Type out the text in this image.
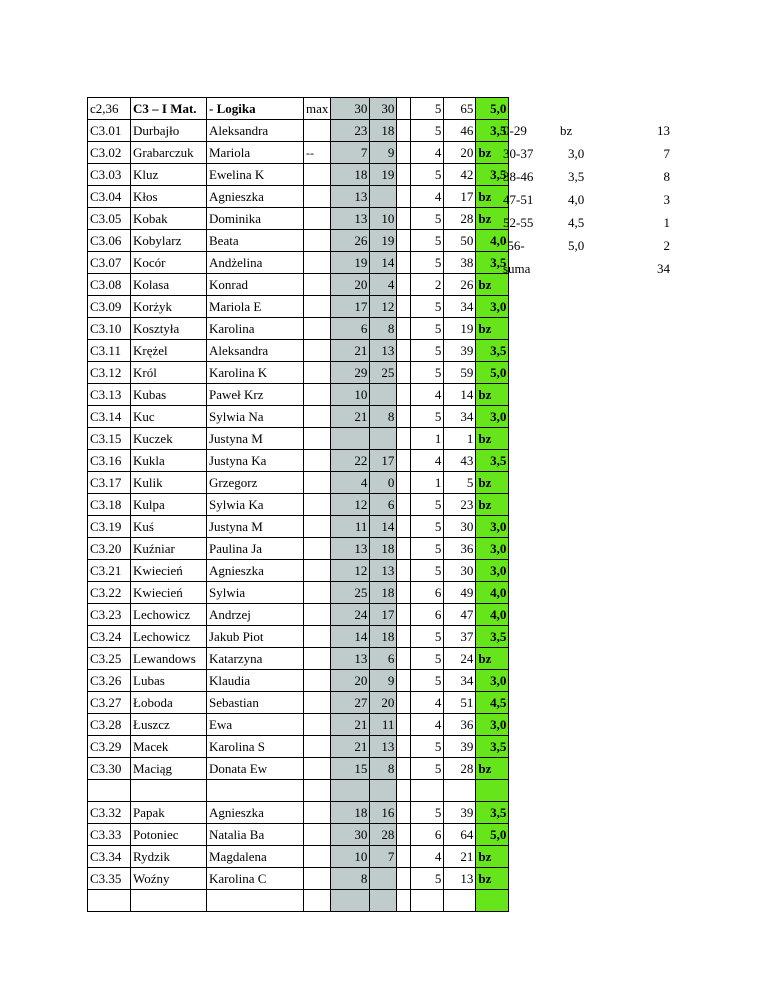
c2,36	C3 – I Mat.	- Logika	max	30	30		5	65	5,0
C3.01	Durbajło	Aleksandra		23	18		5	46	3,5
C3.02	Grabarczuk	Mariola	--	7	9		4	20	bz
C3.03	Kluz	Ewelina K		18	19		5	42	3,5
C3.04	Kłos	Agnieszka		13			4	17	bz
C3.05	Kobak	Dominika		13	10		5	28	bz
C3.06	Kobylarz	Beata		26	19		5	50	4,0
C3.07	Kocór	Andżelina		19	14		5	38	3,5
C3.08	Kolasa	Konrad		20	4		2	26	bz
C3.09	Korżyk	Mariola E		17	12		5	34	3,0
C3.10	Kosztyła	Karolina		6	8		5	19	bz
C3.11	Krężel	Aleksandra		21	13		5	39	3,5
C3.12	Król	Karolina K		29	25		5	59	5,0
C3.13	Kubas	Paweł Krz		10			4	14	bz
C3.14	Kuc	Sylwia Na		21	8		5	34	3,0
C3.15	Kuczek	Justyna M					1	1	bz
C3.16	Kukla	Justyna Ka		22	17		4	43	3,5
C3.17	Kulik	Grzegorz		4	0		1	5	bz
C3.18	Kulpa	Sylwia Ka		12	6		5	23	bz
C3.19	Kuś	Justyna M		11	14		5	30	3,0
C3.20	Kuźniar	Paulina Ja		13	18		5	36	3,0
C3.21	Kwiecień	Agnieszka		12	13		5	30	3,0
C3.22	Kwiecień	Sylwia		25	18		6	49	4,0
C3.23	Lechowicz	Andrzej		24	17		6	47	4,0
C3.24	Lechowicz	Jakub Piot		14	18		5	37	3,5
C3.25	Lewandows	Katarzyna		13	6		5	24	bz
C3.26	Lubas	Klaudia		20	9		5	34	3,0
C3.27	Łoboda	Sebastian		27	20		4	51	4,5
C3.28	Łuszcz	Ewa		21	11		4	36	3,0
C3.29	Macek	Karolina S		21	13		5	39	3,5
C3.30	Maciąg	Donata Ew		15	8		5	28	bz

C3.32	Papak	Agnieszka		18	16		5	39	3,5
C3.33	Potoniec	Natalia Ba		30	28		6	64	5,0
C3.34	Rydzik	Magdalena		10	7		4	21	bz
C3.35	Woźny	Karolina C		8			5	13	bz

0-29	bz	13
30-37	3,0	7
38-46	3,5	8
47-51	4,0	3
52-55	4,5	1
`56-	5,0	2
suma		34
